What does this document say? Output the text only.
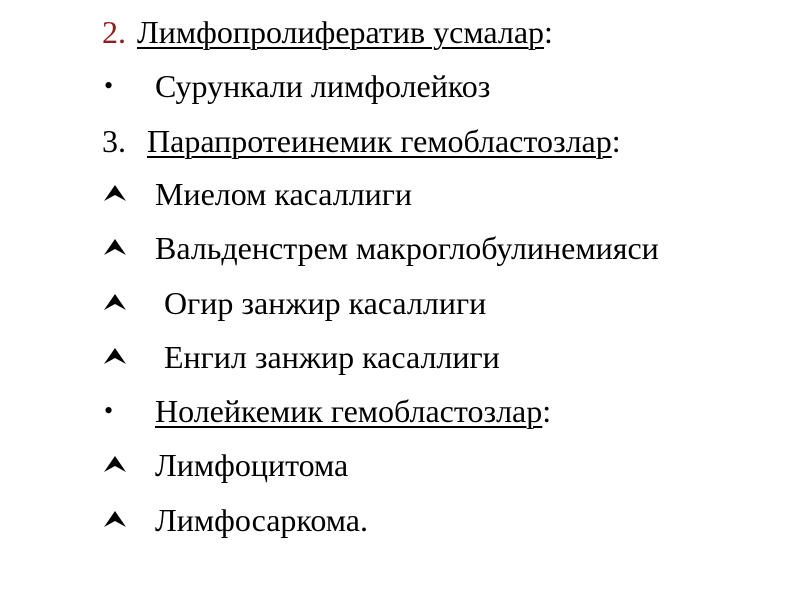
2. Лимфопролифератив усмалар:
• Сурункали лимфолейкоз
3. Парапротеинемик гемобластозлар:
Миелом касаллиги
Вальденстрем макроглобулинемияси
Огир занжир касаллиги
Енгил занжир касаллиги
• Нолейкемик гемобластозлар:
Лимфоцитома
Лимфосаркома.
